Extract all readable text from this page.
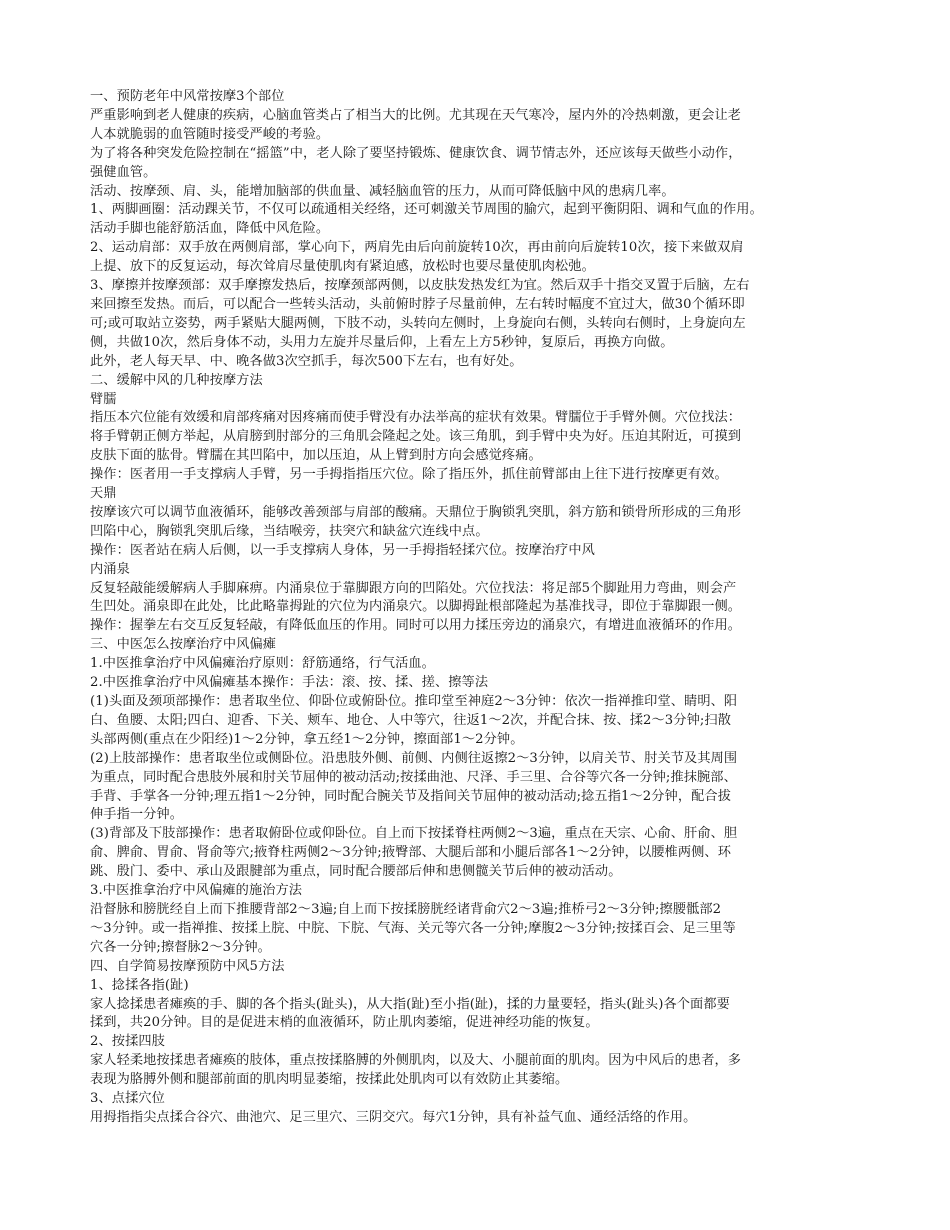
一、预防老年中风常按摩3个部位
严重影响到老人健康的疾病，心脑血管类占了相当大的比例。尤其现在天气寒冷，屋内外的冷热刺激，更会让老
人本就脆弱的血管随时接受严峻的考验。
为了将各种突发危险控制在“摇篮”中，老人除了要坚持锻炼、健康饮食、调节情志外，还应该每天做些小动作，
强健血管。
活动、按摩颈、肩、头，能增加脑部的供血量、减轻脑血管的压力，从而可降低脑中风的患病几率。
1、两脚画圈：活动踝关节，不仅可以疏通相关经络，还可刺激关节周围的腧穴，起到平衡阴阳、调和气血的作用。
活动手脚也能舒筋活血，降低中风危险。
2、运动肩部：双手放在两侧肩部，掌心向下，两肩先由后向前旋转10次，再由前向后旋转10次，接下来做双肩
上提、放下的反复运动，每次耸肩尽量使肌肉有紧迫感，放松时也要尽量使肌肉松弛。
3、摩擦并按摩颈部：双手摩擦发热后，按摩颈部两侧，以皮肤发热发红为宜。然后双手十指交叉置于后脑，左右
来回擦至发热。而后，可以配合一些转头活动，头前俯时脖子尽量前伸，左右转时幅度不宜过大，做30个循环即
可;或可取站立姿势，两手紧贴大腿两侧，下肢不动，头转向左侧时，上身旋向右侧，头转向右侧时，上身旋向左
侧，共做10次，然后身体不动，头用力左旋并尽量后仰，上看左上方5秒钟，复原后，再换方向做。
此外，老人每天早、中、晚各做3次空抓手，每次500下左右，也有好处。
二、缓解中风的几种按摩方法
臂臑
指压本穴位能有效缓和肩部疼痛对因疼痛而使手臂没有办法举高的症状有效果。臂臑位于手臂外侧。穴位找法：
将手臂朝正侧方举起，从肩膀到肘部分的三角肌会隆起之处。该三角肌，到手臂中央为好。压迫其附近，可摸到
皮肤下面的肱骨。臂臑在其凹陷中，加以压迫，从上臂到肘方向会感觉疼痛。
操作：医者用一手支撑病人手臂，另一手拇指指压穴位。除了指压外，抓住前臂部由上往下进行按摩更有效。
天鼎
按摩该穴可以调节血液循环，能够改善颈部与肩部的酸痛。天鼎位于胸锁乳突肌，斜方筋和锁骨所形成的三角形
凹陷中心，胸锁乳突肌后缘，当结喉旁，扶突穴和缺盆穴连线中点。
操作：医者站在病人后侧，以一手支撑病人身体，另一手拇指轻揉穴位。按摩治疗中风
内涌泉
反复轻敲能缓解病人手脚麻痹。内涌泉位于靠脚跟方向的凹陷处。穴位找法：将足部5个脚趾用力弯曲，则会产
生凹处。涌泉即在此处，比此略靠拇趾的穴位为内涌泉穴。以脚拇趾根部隆起为基准找寻，即位于靠脚跟一侧。
操作：握拳左右交互反复轻敲，有降低血压的作用。同时可以用力揉压旁边的涌泉穴，有增进血液循环的作用。
三、中医怎么按摩治疗中风偏瘫
1.中医推拿治疗中风偏瘫治疗原则：舒筋通络，行气活血。
2.中医推拿治疗中风偏瘫基本操作：手法：滚、按、揉、搓、擦等法
(1)头面及颈项部操作：患者取坐位、仰卧位或俯卧位。推印堂至神庭2～3分钟：依次一指禅推印堂、睛明、阳
白、鱼腰、太阳;四白、迎香、下关、颊车、地仓、人中等穴，往返1～2次，并配合抹、按、揉2～3分钟;扫散
头部两侧(重点在少阳经)1～2分钟，拿五经1～2分钟，擦面部1～2分钟。
(2)上肢部操作：患者取坐位或侧卧位。沿患肢外侧、前侧、内侧往返擦2～3分钟，以肩关节、肘关节及其周围
为重点，同时配合患肢外展和肘关节屈伸的被动活动;按揉曲池、尺泽、手三里、合谷等穴各一分钟;推抹腕部、
手背、手掌各一分钟;理五指1～2分钟，同时配合腕关节及指间关节屈伸的被动活动;捻五指1～2分钟，配合拔
伸手指一分钟。
(3)背部及下肢部操作：患者取俯卧位或仰卧位。自上而下按揉脊柱两侧2～3遍，重点在天宗、心俞、肝俞、胆
俞、脾俞、胃俞、肾俞等穴;掖脊柱两侧2～3分钟;掖臀部、大腿后部和小腿后部各1～2分钟，以腰椎两侧、环
跳、殷门、委中、承山及跟腱部为重点，同时配合腰部后伸和患侧髋关节后伸的被动活动。
3.中医推拿治疗中风偏瘫的施治方法
沿督脉和膀胱经自上而下推腰背部2～3遍;自上而下按揉膀胱经诸背俞穴2～3遍;推桥弓2～3分钟;擦腰骶部2
～3分钟。或一指禅推、按揉上脘、中脘、下脘、气海、关元等穴各一分钟;摩腹2～3分钟;按揉百会、足三里等
穴各一分钟;擦督脉2～3分钟。
四、自学简易按摩预防中风5方法
1、捻揉各指(趾)
家人捻揉患者瘫痪的手、脚的各个指头(趾头)，从大指(趾)至小指(趾)，揉的力量要轻，指头(趾头)各个面都要
揉到，共20分钟。目的是促进末梢的血液循环，防止肌肉萎缩，促进神经功能的恢复。
2、按揉四肢
家人轻柔地按揉患者瘫痪的肢体，重点按揉胳膊的外侧肌肉，以及大、小腿前面的肌肉。因为中风后的患者，多
表现为胳膊外侧和腿部前面的肌肉明显萎缩，按揉此处肌肉可以有效防止其萎缩。
3、点揉穴位
用拇指指尖点揉合谷穴、曲池穴、足三里穴、三阴交穴。每穴1分钟，具有补益气血、通经活络的作用。
